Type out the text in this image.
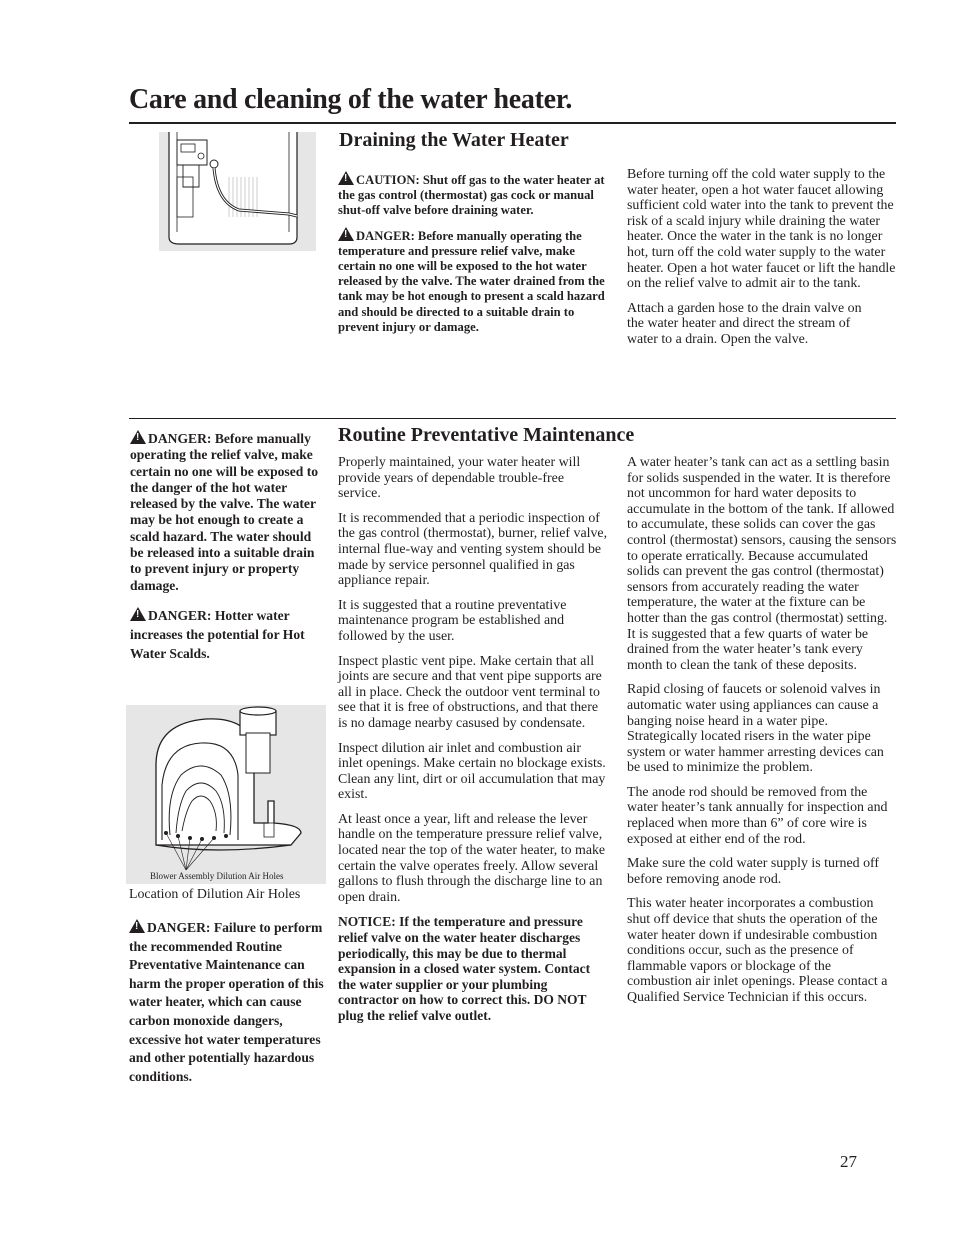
Care and cleaning of the water heater.
Draining the Water Heater

!CAUTION: Shut off gas to the water heater at the gas control (thermostat) gas cock or manual shut-off valve before draining water.

!DANGER: Before manually operating the temperature and pressure relief valve, make certain no one will be exposed to the hot water released by the valve. The water drained from the tank may be hot enough to present a scald hazard and should be directed to a suitable drain to prevent injury or damage.

Before turning off the cold water supply to the water heater, open a hot water faucet allowing sufficient cold water into the tank to prevent the risk of a scald injury while draining the water heater. Once the water in the tank is no longer hot, turn off the cold water supply to the water heater. Open a hot water faucet or lift the handle on the relief valve to admit air to the tank.

Attach a garden hose to the drain valve on the water heater and direct the stream of water to a drain. Open the valve.

!DANGER: Before manually operating the relief valve, make certain no one will be exposed to the danger of the hot water released by the valve. The water may be hot enough to create a scald hazard. The water should be released into a suitable drain to prevent injury or property damage.

!DANGER: Hotter water increases the potential for Hot Water Scalds.

Blower Assembly Dilution Air Holes
Location of Dilution Air Holes

!DANGER: Failure to perform the recommended Routine Preventative Maintenance can harm the proper operation of this water heater, which can cause carbon monoxide dangers, excessive hot water temperatures and other potentially hazardous conditions.

Routine Preventative Maintenance

Properly maintained, your water heater will provide years of dependable trouble-free service.

It is recommended that a periodic inspection of the gas control (thermostat), burner, relief valve, internal flue-way and venting system should be made by service personnel qualified in gas appliance repair.

It is suggested that a routine preventative maintenance program be established and followed by the user.

Inspect plastic vent pipe. Make certain that all joints are secure and that vent pipe supports are all in place. Check the outdoor vent terminal to see that it is free of obstructions, and that there is no damage nearby casused by condensate.

Inspect dilution air inlet and combustion air inlet openings. Make certain no blockage exists. Clean any lint, dirt or oil accumulation that may exist.

At least once a year, lift and release the lever handle on the temperature pressure relief valve, located near the top of the water heater, to make certain the valve operates freely. Allow several gallons to flush through the discharge line to an open drain.

NOTICE: If the temperature and pressure relief valve on the water heater discharges periodically, this may be due to thermal expansion in a closed water system. Contact the water supplier or your plumbing contractor on how to correct this. DO NOT plug the relief valve outlet.

A water heater’s tank can act as a settling basin for solids suspended in the water. It is therefore not uncommon for hard water deposits to accumulate in the bottom of the tank. If allowed to accumulate, these solids can cover the gas control (thermostat) sensors, causing the sensors to operate erratically. Because accumulated solids can prevent the gas control (thermostat) sensors from accurately reading the water temperature, the water at the fixture can be hotter than the gas control (thermostat) setting. It is suggested that a few quarts of water be drained from the water heater’s tank every month to clean the tank of these deposits.

Rapid closing of faucets or solenoid valves in automatic water using appliances can cause a banging noise heard in a water pipe. Strategically located risers in the water pipe system or water hammer arresting devices can be used to minimize the problem.

The anode rod should be removed from the water heater’s tank annually for inspection and replaced when more than 6” of core wire is exposed at either end of the rod.

Make sure the cold water supply is turned off before removing anode rod.

This water heater incorporates a combustion shut off device that shuts the operation of the water heater down if undesirable combustion conditions occur, such as the presence of flammable vapors or blockage of the combustion air inlet openings. Please contact a Qualified Service Technician if this occurs.

27
